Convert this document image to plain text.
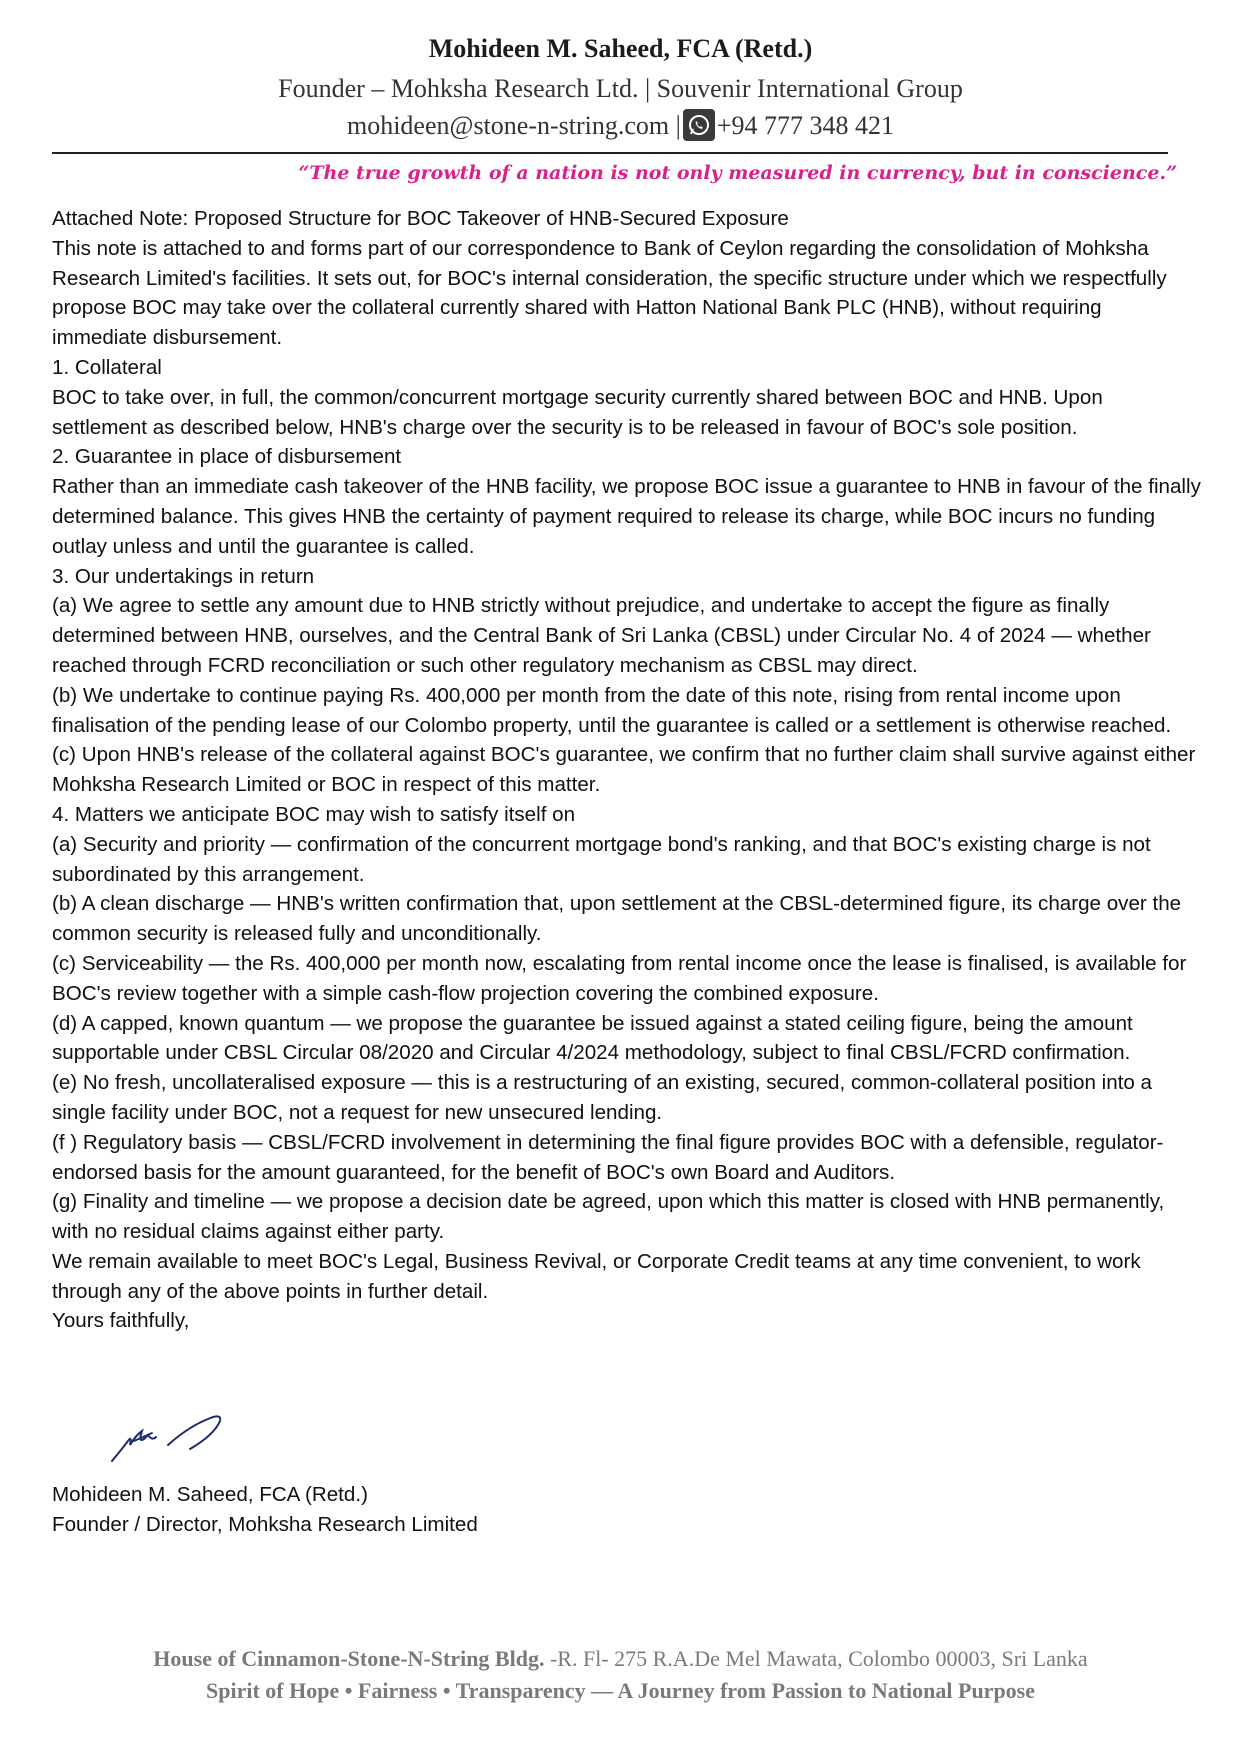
Mohideen M. Saheed, FCA (Retd.)
Founder – Mohksha Research Ltd. | Souvenir International Group
mohideen@stone-n-string.com | +94 777 348 421
“The true growth of a nation is not only measured in currency, but in conscience.”

Attached Note: Proposed Structure for BOC Takeover of HNB-Secured Exposure

This note is attached to and forms part of our correspondence to Bank of Ceylon regarding the consolidation of Mohksha Research Limited's facilities. It sets out, for BOC's internal consideration, the specific structure under which we respectfully propose BOC may take over the collateral currently shared with Hatton National Bank PLC (HNB), without requiring immediate disbursement.

1. Collateral

BOC to take over, in full, the common/concurrent mortgage security currently shared between BOC and HNB. Upon settlement as described below, HNB's charge over the security is to be released in favour of BOC's sole position.

2. Guarantee in place of disbursement

Rather than an immediate cash takeover of the HNB facility, we propose BOC issue a guarantee to HNB in favour of the finally determined balance. This gives HNB the certainty of payment required to release its charge, while BOC incurs no funding outlay unless and until the guarantee is called.

3. Our undertakings in return

(a) We agree to settle any amount due to HNB strictly without prejudice, and undertake to accept the figure as finally determined between HNB, ourselves, and the Central Bank of Sri Lanka (CBSL) under Circular No. 4 of 2024 — whether reached through FCRD reconciliation or such other regulatory mechanism as CBSL may direct.

(b) We undertake to continue paying Rs. 400,000 per month from the date of this note, rising from rental income upon finalisation of the pending lease of our Colombo property, until the guarantee is called or a settlement is otherwise reached.

(c) Upon HNB's release of the collateral against BOC's guarantee, we confirm that no further claim shall survive against either Mohksha Research Limited or BOC in respect of this matter.

4. Matters we anticipate BOC may wish to satisfy itself on

(a) Security and priority — confirmation of the concurrent mortgage bond's ranking, and that BOC's existing charge is not subordinated by this arrangement.

(b) A clean discharge — HNB's written confirmation that, upon settlement at the CBSL-determined figure, its charge over the common security is released fully and unconditionally.

(c) Serviceability — the Rs. 400,000 per month now, escalating from rental income once the lease is finalised, is available for BOC's review together with a simple cash-flow projection covering the combined exposure.

(d) A capped, known quantum — we propose the guarantee be issued against a stated ceiling figure, being the amount supportable under CBSL Circular 08/2020 and Circular 4/2024 methodology, subject to final CBSL/FCRD confirmation.

(e) No fresh, uncollateralised exposure — this is a restructuring of an existing, secured, common-collateral position into a single facility under BOC, not a request for new unsecured lending.

(f ) Regulatory basis — CBSL/FCRD involvement in determining the final figure provides BOC with a defensible, regulator-endorsed basis for the amount guaranteed, for the benefit of BOC's own Board and Auditors.

(g) Finality and timeline — we propose a decision date be agreed, upon which this matter is closed with HNB permanently, with no residual claims against either party.

We remain available to meet BOC's Legal, Business Revival, or Corporate Credit teams at any time convenient, to work through any of the above points in further detail.

Yours faithfully,

Mohideen M. Saheed, FCA (Retd.)
Founder / Director, Mohksha Research Limited
House of Cinnamon-Stone-N-String Bldg. -R. Fl- 275 R.A.De Mel Mawata, Colombo 00003, Sri Lanka
Spirit of Hope • Fairness • Transparency — A Journey from Passion to National Purpose
